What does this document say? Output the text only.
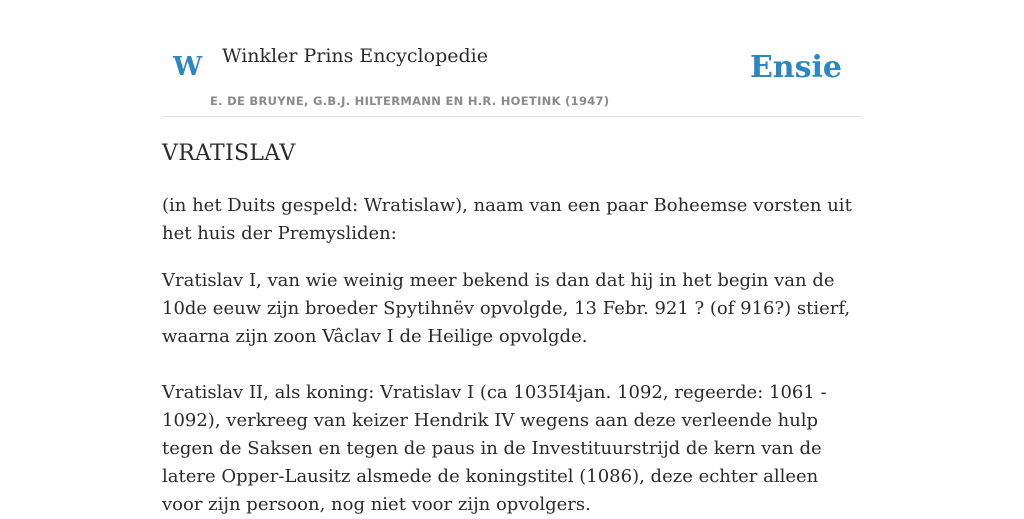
W Winkler Prins Encyclopedie
E. DE BRUYNE, G.B.J. HILTERMANN EN H.R. HOETINK (1947)
Ensie
VRATISLAV

(in het Duits gespeld: Wratislaw), naam van een paar Boheemse vorsten uit het huis der Premysliden:

Vratislav I, van wie weinig meer bekend is dan dat hij in het begin van de 10de eeuw zijn broeder Spytihnëv opvolgde, 13 Febr. 921 ? (of 916?) stierf, waarna zijn zoon Vâclav I de Heilige opvolgde.

Vratislav II, als koning: Vratislav I (ca 1035I4jan. 1092, regeerde: 1061 - 1092), verkreeg van keizer Hendrik IV wegens aan deze verleende hulp tegen de Saksen en tegen de paus in de Investituurstrijd de kern van de latere Opper-Lausitz alsmede de koningstitel (1086), deze echter alleen voor zijn persoon, nog niet voor zijn opvolgers.
